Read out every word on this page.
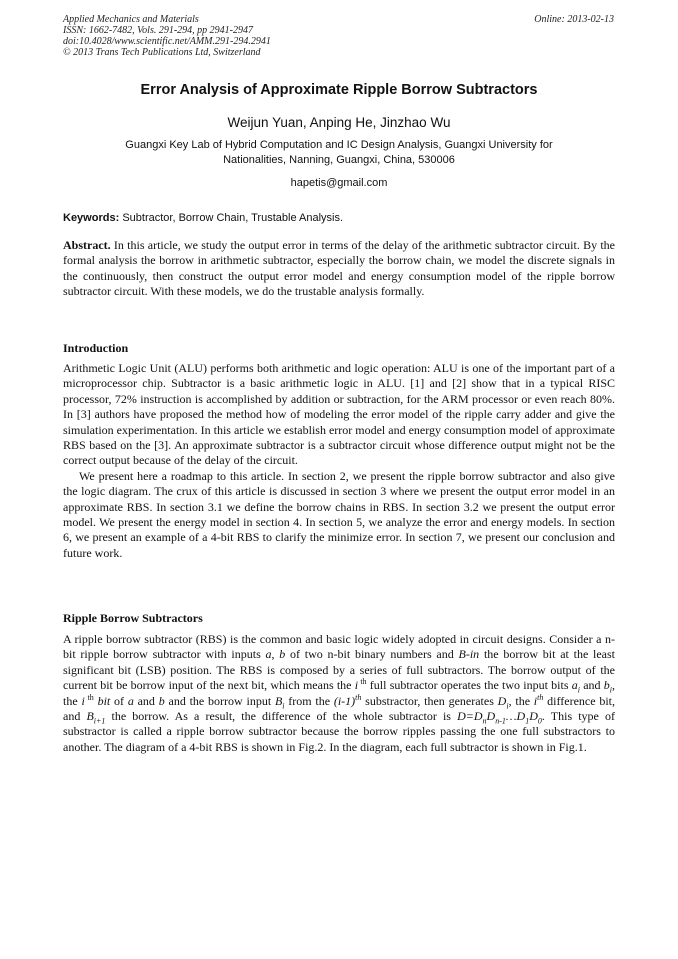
Applied Mechanics and Materials
ISSN: 1662-7482, Vols. 291-294, pp 2941-2947
doi:10.4028/www.scientific.net/AMM.291-294.2941
© 2013 Trans Tech Publications Ltd, Switzerland
Online: 2013-02-13
Error Analysis of Approximate Ripple Borrow Subtractors
Weijun Yuan, Anping He, Jinzhao Wu
Guangxi Key Lab of Hybrid Computation and IC Design Analysis, Guangxi University for
Nationalities, Nanning, Guangxi, China, 530006
hapetis@gmail.com
Keywords: Subtractor, Borrow Chain, Trustable Analysis.

Abstract. In this article, we study the output error in terms of the delay of the arithmetic subtractor circuit. By the formal analysis the borrow in arithmetic subtractor, especially the borrow chain, we model the discrete signals in the continuously, then construct the output error model and energy consumption model of the ripple borrow subtractor circuit. With these models, we do the trustable analysis formally.

Introduction

Arithmetic Logic Unit (ALU) performs both arithmetic and logic operation: ALU is one of the important part of a microprocessor chip. Subtractor is a basic arithmetic logic in ALU. [1] and [2] show that in a typical RISC processor, 72% instruction is accomplished by addition or subtraction, for the ARM processor or even reach 80%. In [3] authors have proposed the method how of modeling the error model of the ripple carry adder and give the simulation experimentation. In this article we establish error model and energy consumption model of approximate RBS based on the [3]. An approximate subtractor is a subtractor circuit whose difference output might not be the correct output because of the delay of the circuit.

We present here a roadmap to this article. In section 2, we present the ripple borrow subtractor and also give the logic diagram. The crux of this article is discussed in section 3 where we present the output error model in an approximate RBS. In section 3.1 we define the borrow chains in RBS. In section 3.2 we present the output error model. We present the energy model in section 4. In section 5, we analyze the error and energy models. In section 6, we present an example of a 4-bit RBS to clarify the minimize error. In section 7, we present our conclusion and future work.

Ripple Borrow Subtractors

A ripple borrow subtractor (RBS) is the common and basic logic widely adopted in circuit designs. Consider a n-bit ripple borrow subtractor with inputs a, b of two n-bit binary numbers and B-in the borrow bit at the least significant bit (LSB) position. The RBS is composed by a series of full subtractors. The borrow output of the current bit be borrow input of the next bit, which means the i $^{th}$ full subtractor operates the two input bits $a_i$ and $b_i$, the i $^{th}$ bit of a and b and the borrow input $B_i$ from the $(i-1)^{th}$ substractor, then generates $D_i$, the $i^{th}$ difference bit, and $B_{i+1}$ the borrow. As a result, the difference of the whole subtractor is $D=D_nD_{n-1}\dots D_1D_0$. This type of substractor is called a ripple borrow subtractor because the borrow ripples passing the one full substractors to another. The diagram of a 4-bit RBS is shown in Fig.2. In the diagram, each full subtractor is shown in Fig.1.
